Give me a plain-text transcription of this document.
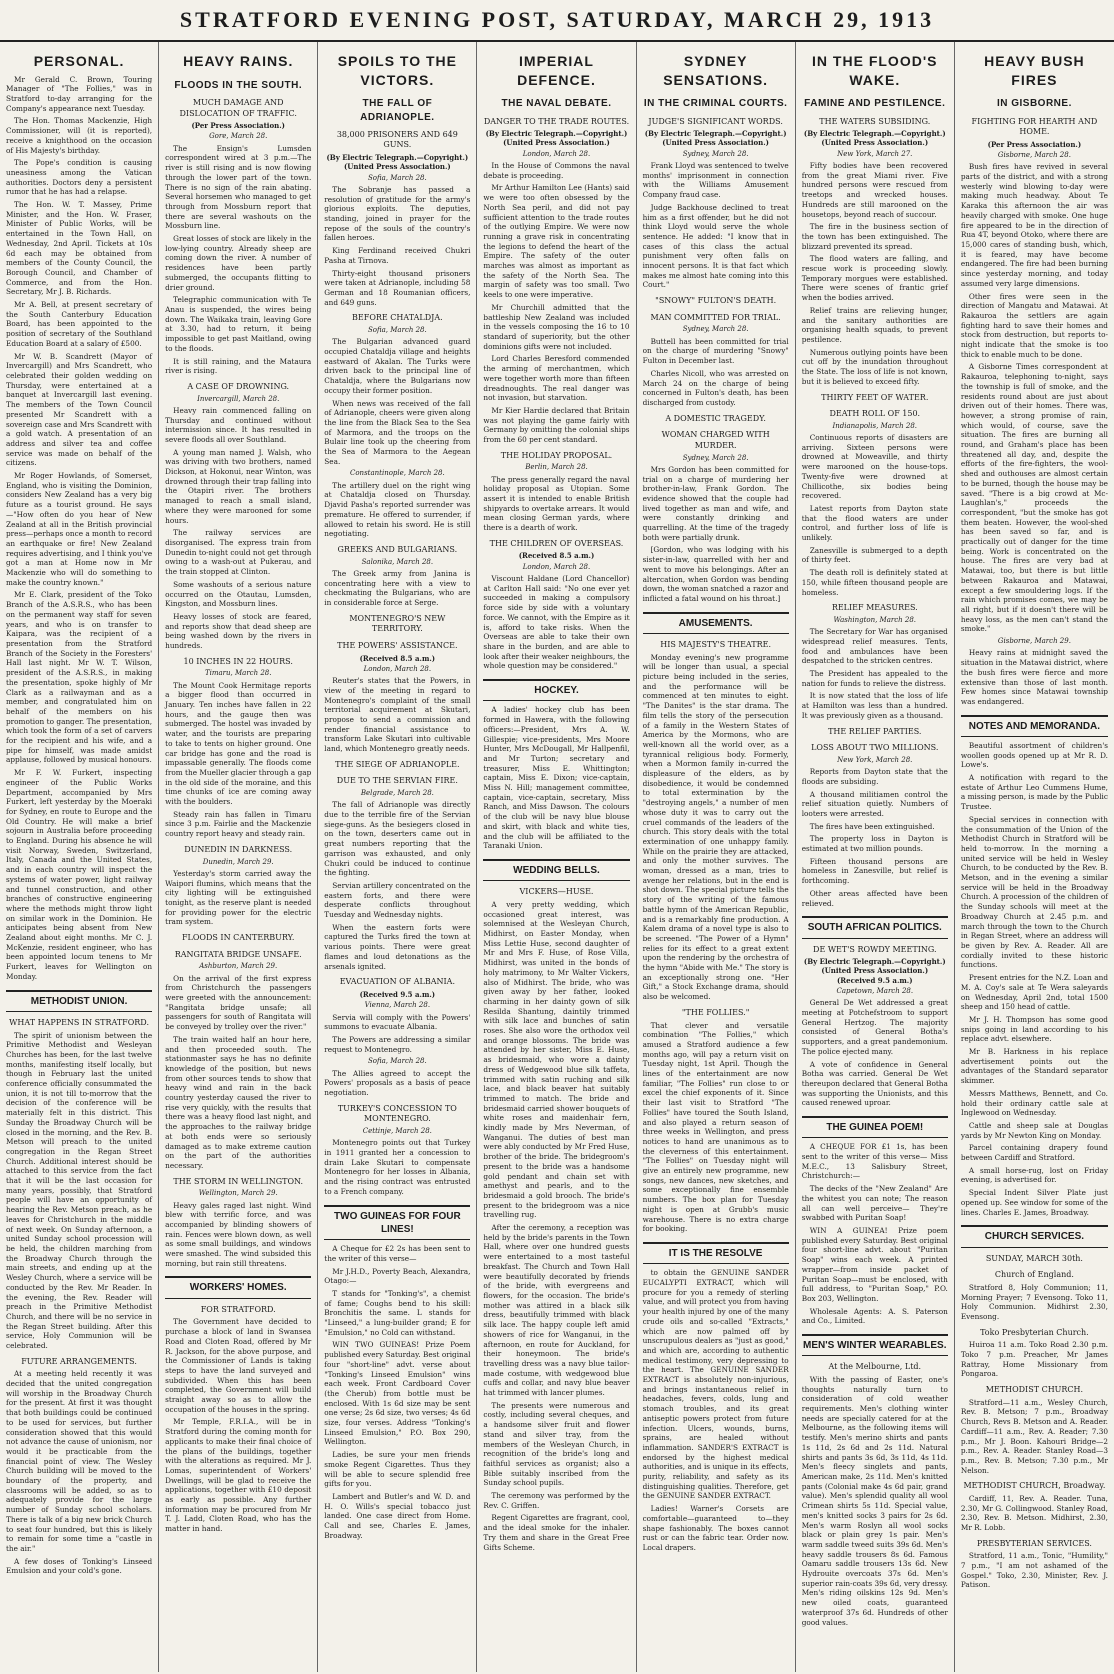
STRATFORD EVENING POST, SATURDAY, MARCH 29, 1913
PERSONAL.

Mr Gerald C. Brown, Touring Manager of "The Follies," was in Stratford to-day arranging for the Company's appearance next Tuesday.

The Hon. Thomas Mackenzie, High Commissioner, will (it is reported), receive a knighthood on the occasion of His Majesty's birthday.

The Pope's condition is causing uneasiness among the Vatican authorities. Doctors deny a persistent rumor that he has had a relapse.

The Hon. W. T. Massey, Prime Minister, and the Hon. W. Fraser, Minister of Public Works, will be entertained in the Town Hall, on Wednesday, 2nd April. Tickets at 10s 6d each may be obtained from members of the County Council, the Borough Council, and Chamber of Commerce, and from the Hon. Secretary, Mr J. B. Richards.

Mr A. Bell, at present secretary of the South Canterbury Education Board, has been appointed to the position of secretary of the Southland Education Board at a salary of £500.

Mr W. B. Scandrett (Mayor of Invercargill) and Mrs Scandrett, who celebrated their golden wedding on Thursday, were entertained at a banquet at Invercargill last evening. The members of the Town Council presented Mr Scandrett with a sovereign case and Mrs Scandrett with a gold watch. A presentation of an address and silver tea and coffee service was made on behalf of the citizens.

Mr Roger Howlands, of Somerset, England, who is visiting the Dominion, considers New Zealand has a very big future as a tourist ground. He says—"How often do you hear of New Zealand at all in the British provincial press—perhaps once a month to record an earthquake or fire! New Zealand requires advertising, and I think you've got a man at Home now in Mr Mackenzie who will do something to make the country known."

Mr E. Clark, president of the Toko Branch of the A.S.R.S., who has been on the permanent way staff for seven years, and who is on transfer to Kaipara, was the recipient of a presentation from the Stratford Branch of the Society in the Foresters' Hall last night. Mr W. T. Wilson, president of the A.S.R.S., in making the presentation, spoke highly of Mr Clark as a railwayman and as a member, and congratulated him on behalf of the members on his promotion to ganger. The presentation, which took the form of a set of carvers for the recipient and his wife, and a pipe for himself, was made amidst applause, followed by musical honours.

Mr F. W. Furkert, inspecting engineer of the Public Works Department, accompanied by Mrs Furkert, left yesterday by the Moeraki for Sydney, en route to Europe and the Old Country. He will make a brief sojourn in Australia before proceeding to England. During his absence he will visit Norway, Sweden, Switzerland, Italy, Canada and the United States, and in each country will inspect the systems of water power, light railway and tunnel construction, and other branches of constructive engineering where the methods might throw light on similar work in the Dominion. He anticipates being absent from New Zealand about eight months. Mr C. J. McKenzie, resident engineer, who has been appointed locum tenens to Mr Furkert, leaves for Wellington on Monday.

METHODIST UNION.
WHAT HAPPENS IN STRATFORD.

The spirit of unionism between the Primitive Methodist and Wesleyan Churches has been, for the last twelve months, manifesting itself locally, but though in February last the united conference officially consummated the union, it is not till to-morrow that the decision of the conference will be materially felt in this district. This Sunday the Broadway Church will be closed in the morning, and the Rev. B. Metson will preach to the united congregation in the Regan Street Church. Additional interest should be attached to this service from the fact that it will be the last occasion for many years, possibly, that Stratford people will have an opportunity of hearing the Rev. Metson preach, as he leaves for Christchurch in the middle of next week. On Sunday afternoon, a united Sunday school procession will be held, the children marching from the Broadway Church through the main streets, and ending up at the Wesley Church, where a service will be conducted by the Rev. Mr Reader. In the evening, the Rev. Reader will preach in the Primitive Methodist Church, and there will be no service in the Regan Street building. After this service, Holy Communion will be celebrated.

FUTURE ARRANGEMENTS.

At a meeting held recently it was decided that the united congregation will worship in the Broadway Church for the present. At first it was thought that both buildings could be continued to be used for services, but further consideration showed that this would not advance the cause of unionism, nor would it be practicable from the financial point of view. The Wesley Church building will be moved to the boundary of the property, and classrooms will be added, so as to adequately provide for the large number of Sunday school scholars. There is talk of a big new brick Church to seat four hundred, but this is likely to remain for some time a "castle in the air."

A few doses of Tonking's Linseed Emulsion and your cold's gone.

HEAVY RAINS.
FLOODS IN THE SOUTH.
MUCH DAMAGE AND DISLOCATION OF TRAFFIC.
(Per Press Association.)
Gore, March 28.

The Ensign's Lumsden correspondent wired at 3 p.m.—The river is still rising and is now flowing through the lower part of the town. There is no sign of the rain abating. Several horsemen who managed to get through from Mossburn report that there are several washouts on the Mossburn line.

Great losses of stock are likely in the low-lying country. Already sheep are coming down the river. A number of residences have been partly submerged, the occupants flitting to drier ground.

Telegraphic communication with Te Anau is suspended, the wires being down. The Waikaka train, leaving Gore at 3.30, had to return, it being impossible to get past Maitland, owing to the floods.

It is still raining, and the Mataura river is rising.

A CASE OF DROWNING.
Invercargill, March 28.

Heavy rain commenced falling on Thursday and continued without intermission since. It has resulted in severe floods all over Southland.

A young man named J. Walsh, who was driving with two brothers, named Dickson, at Hokonui, near Winton, was drowned through their trap falling into the Otapiri river. The brothers managed to reach a small island, where they were marooned for some hours.

The railway services are disorganised. The express train from Dunedin to-night could not get through owing to a wash-out at Pukerau, and the train stopped at Clinton.

Some washouts of a serious nature occurred on the Otautau, Lumsden, Kingston, and Mossburn lines.

Heavy losses of stock are feared, and reports show that dead sheep are being washed down by the rivers in hundreds.

10 INCHES IN 22 HOURS.
Timaru, March 28.

The Mount Cook Hermitage reports a bigger flood than occurred in January. Ten inches have fallen in 22 hours, and the gauge then was submerged. The hostel was invaded by water, and the tourists are preparing to take to tents on higher ground. One car bridge has gone and the road is impassable generally. The floods come from the Mueller glacier through a gap in the old side of the moraine, and this time chunks of ice are coming away with the boulders.

Steady rain has fallen in Timaru since 3 p.m. Fairlie and the Mackenzie country report heavy and steady rain.

DUNEDIN IN DARKNESS.
Dunedin, March 29.

Yesterday's storm carried away the Waipori flumins, which means that the city lighting will be extinguished tonight, as the reserve plant is needed for providing power for the electric tram system.

FLOODS IN CANTERBURY.
RANGITATA BRIDGE UNSAFE.
Ashburton, March 29.

On the arrival of the first express from Christchurch the passengers were greeted with the announcement: "Rangitata bridge unsafe; all passengers for south of Rangitata will be conveyed by trolley over the river."

The train waited half an hour here, and then proceeded south. The stationmaster says he has no definite knowledge of the position, but news from other sources tends to show that heavy wind and rain in the back country yesterday caused the river to rise very quickly, with the results that there was a heavy flood last night, and the approaches to the railway bridge at both ends were so seriously damaged as to make extreme caution on the part of the authorities necessary.

THE STORM IN WELLINGTON.
Wellington, March 29.

Heavy gales raged last night. Wind blew with terrific force, and was accompanied by blinding showers of rain. Fences were blown down, as well as some small buildings, and windows were smashed. The wind subsided this morning, but rain still threatens.

WORKERS' HOMES.
FOR STRATFORD.

The Government have decided to purchase a block of land in Swansea Road and Cloten Road, offered by Mr R. Jackson, for the above purpose, and the Commissioner of Lands is taking steps to have the land surveyed and subdivided. When this has been completed, the Government will build straight away so as to allow the occupation of the houses in the spring.

Mr Temple, F.R.I.A., will be in Stratford during the coming month for applicants to make their final choice of the plans of the buildings, together with the alterations as required. Mr J. Lomas, superintendent of Workers' Dwellings, will be glad to receive the applications, together with £10 deposit as early as possible. Any further information may be procured from Mr T. J. Ladd, Cloten Road, who has the matter in hand.

SPOILS TO THE VICTORS.
THE FALL OF ADRIANOPLE.
38,000 PRISONERS AND 649 GUNS.
(By Electric Telegraph.—Copyright.) (United Press Association.)
Sofia, March 28.

The Sobranje has passed a resolution of gratitude for the army's glorious exploits. The deputies, standing, joined in prayer for the repose of the souls of the country's fallen heroes.

King Ferdinand received Chukri Pasha at Tirnova.

Thirty-eight thousand prisoners were taken at Adrianople, including 58 German and 18 Roumanian officers, and 649 guns.

BEFORE CHATALDJA.
Sofia, March 28.

The Bulgarian advanced guard occupied Chataldja village and heights eastward of Akalan. The Turks were driven back to the principal line of Chataldja, where the Bulgarians now occupy their former position.

When news was received of the fall of Adrianople, cheers were given along the line from the Black Sea to the Sea of Marmora, and the troops on the Bulair line took up the cheering from the Sea of Marmora to the Aegean Sea.

Constantinople, March 28.

The artillery duel on the right wing at Chataldja closed on Thursday. Djavid Pasha's reported surrender was premature. He offered to surrender, if allowed to retain his sword. He is still negotiating.

GREEKS AND BULGARIANS.
Salonika, March 28.

The Greek army from Janina is concentrating here with a view to checkmating the Bulgarians, who are in considerable force at Serge.

MONTENEGRO'S NEW TERRITORY.
THE POWERS' ASSISTANCE.
(Received 8.5 a.m.)
London, March 28.

Reuter's states that the Powers, in view of the meeting in regard to Montenegro's complaint of the small territorial acquirement at Skutari, propose to send a commission and render financial assistance to transform Lake Skutari into cultivable land, which Montenegro greatly needs.

THE SIEGE OF ADRIANOPLE.
DUE TO THE SERVIAN FIRE.
Belgrade, March 28.

The fall of Adrianople was directly due to the terrible fire of the Servian siege-guns. As the besiegers closed in on the town, deserters came out in great numbers reporting that the garrison was exhausted, and only Chukri could be induced to continue the fighting.

Servian artillery concentrated on the eastern forts, and there were desperate conflicts throughout Tuesday and Wednesday nights.

When the eastern forts were captured the Turks fired the town at various points. There were great flames and loud detonations as the arsenals ignited.

EVACUATION OF ALBANIA.
(Received 9.5 a.m.)
Vienna, March 28.

Servia will comply with the Powers' summons to evacuate Albania.

The Powers are addressing a similar request to Montenegro.

Sofia, March 28.

The Allies agreed to accept the Powers' proposals as a basis of peace negotiation.

TURKEY'S CONCESSION TO MONTENEGRO.
Cettinje, March 28.

Montenegro points out that Turkey in 1911 granted her a concession to drain Lake Skutari to compensate Montenegro for her losses in Albania, and the rising contract was entrusted to a French company.

TWO GUINEAS FOR FOUR LINES!

A Cheque for £2 2s has been sent to the writer of this verse—

Mr J.H.D., Poverty Beach, Alexandra, Otago:—

T stands for "Tonking's", a chemist of fame; Coughs bend to his skill: Bronchitis the same. L stands for "Linseed," a lung-builder grand; E for "Emulsion," no Cold can withstand.

WIN TWO GUINEAS! Prize Poem published every Saturday. Best original four "short-line" advt. verse about "Tonking's Linseed Emulsion" wins each week. Front Cardboard Cover (the Cherub) from bottle must be enclosed. With 1s 6d size may be sent one verse; 2s 6d size, two verses; 4s 6d size, four verses. Address "Tonking's Linseed Emulsion," P.O. Box 290, Wellington.

Ladies, be sure your men friends smoke Regent Cigarettes. Thus they will be able to secure splendid free gifts for you.

Lambert and Butler's and W. D. and H. O. Wills's special tobacco just landed. One case direct from Home. Call and see, Charles E. James, Broadway.

IMPERIAL DEFENCE.
THE NAVAL DEBATE.
DANGER TO THE TRADE ROUTES.
(By Electric Telegraph.—Copyright.) (United Press Association.)
London, March 28.

In the House of Commons the naval debate is proceeding.

Mr Arthur Hamilton Lee (Hants) said we were too often obsessed by the North Sea peril, and did not pay sufficient attention to the trade routes of the outlying Empire. We were now running a grave risk in concentrating the legions to defend the heart of the Empire. The safety of the outer marches was almost as important as the safety of the North Sea. The margin of safety was too small. Two keels to one were imperative.

Mr Churchill admitted that the battleship New Zealand was included in the vessels composing the 16 to 10 standard of superiority, but the other dominions gifts were not included.

Lord Charles Beresford commended the arming of merchantmen, which were together worth more than fifteen dreadnoughts. The real danger was not invasion, but starvation.

Mr Kier Hardie declared that Britain was not playing the game fairly with Germany by omitting the colonial ships from the 60 per cent standard.

THE HOLIDAY PROPOSAL.
Berlin, March 28.

The press generally regard the naval holiday proposal as Utopian. Some assert it is intended to enable British shipyards to overtake arrears. It would mean closing German yards, where there is a dearth of work.

THE CHILDREN OF OVERSEAS.
(Received 8.5 a.m.)
London, March 28.

Viscount Haldane (Lord Chancellor) at Carlton Hall said: "No one ever yet succeeded in making a compulsory force side by side with a voluntary force. We cannot, with the Empire as it is, afford to take risks. When the Overseas are able to take their own share in the burden, and are able to look after their weaker neighbours, the whole question may be considered."

HOCKEY.

A ladies' hockey club has been formed in Hawera, with the following officers:—President, Mrs A. W. Gillespie; vice-presidents, Mrs Moore Hunter, Mrs McDougall, Mr Hallpenfil, and Mr Turton; secretary and treasurer, Miss E. Whittington; captain, Miss E. Dixon; vice-captain, Miss N. Hill; management committee, captain, vice-captain, secretary, Miss Ranch, and Miss Dawson. The colours of the club will be navy blue blouse and skirt, with black and white ties, and the club will be affiliated to the Taranaki Union.

WEDDING BELLS.
VICKERS—HUSE.

A very pretty wedding, which occasioned great interest, was solemnised at the Wesleyan Church, Midhirst, on Easter Monday, when Miss Lettie Huse, second daughter of Mr and Mrs F. Huse, of Rose Villa, Midhirst, was united in the bonds of holy matrimony, to Mr Walter Vickers, also of Midhirst. The bride, who was given away by her father, looked charming in her dainty gown of silk Resilda Shantung, daintily trimmed with silk lace and bunches of satin roses. She also wore the orthodox veil and orange blossoms. The bride was attended by her sister, Miss E. Huse, as bridesmaid, who wore a dainty dress of Wedgewood blue silk taffeta, trimmed with satin ruching and silk lace, and black beaver hat suitably trimmed to match. The bride and bridesmaid carried shower bouquets of white roses and maidenhair fern, kindly made by Mrs Neverman, of Wanganui. The duties of best man were ably conducted by Mr Fred Huse, brother of the bride. The bridegroom's present to the bride was a handsome gold pendant and chain set with amethyst and pearls, and to the bridesmaid a gold brooch. The bride's present to the bridegroom was a nice travelling rug.

After the ceremony, a reception was held by the bride's parents in the Town Hall, where over one hundred guests were entertained to a most tasteful breakfast. The Church and Town Hall were beautifully decorated by friends of the bride, with evergreens and flowers, for the occasion. The bride's mother was attired in a black silk dress, beautifully trimmed with black silk lace. The happy couple left amid showers of rice for Wanganui, in the afternoon, en route for Auckland, for their honeymoon. The bride's travelling dress was a navy blue tailor-made costume, with wedgewood blue cuffs and collar, and navy blue beaver hat trimmed with lancer plumes.

The presents were numerous and costly, including several cheques, and a handsome silver fruit and flower stand and silver tray, from the members of the Wesleyan Church, in recognition of the bride's long and faithful services as organist; also a Bible suitably inscribed from the Sunday school pupils.

The ceremony was performed by the Rev. C. Griffen.

Regent Cigarettes are fragrant, cool, and the ideal smoke for the inhaler. Try them and share in the Great Free Gifts Scheme.

SYDNEY SENSATIONS.
IN THE CRIMINAL COURTS.
JUDGE'S SIGNIFICANT WORDS.
(By Electric Telegraph.—Copyright.) (United Press Association.)
Sydney, March 28.

Frank Lloyd was sentenced to twelve months' imprisonment in connection with the Williams Amusement Company fraud case.

Judge Backhouse declined to treat him as a first offender, but he did not think Lloyd would serve the whole sentence. He added: "I know that in cases of this class the actual punishment very often falls on innocent persons. It is that fact which makes me almost hate coming into this Court."

"SNOWY" FULTON'S DEATH.
MAN COMMITTED FOR TRIAL.
Sydney, March 28.

Buttell has been committed for trial on the charge of murdering "Snowy" Fulton in December last.

Charles Nicoll, who was arrested on March 24 on the charge of being concerned in Fulton's death, has been discharged from custody.

A DOMESTIC TRAGEDY.
WOMAN CHARGED WITH MURDER.
Sydney, March 28.

Mrs Gordon has been committed for trial on a charge of murdering her brother-in-law, Frank Gordon. The evidence showed that the couple had lived together as man and wife, and were constantly drinking and quarrelling. At the time of the tragedy both were partially drunk.

[Gordon, who was lodging with his sister-in-law, quarrelled with her and went to move his belongings. After an altercation, when Gordon was bending down, the woman snatched a razor and inflicted a fatal wound on his throat.]

AMUSEMENTS.
HIS MAJESTY'S THEATRE.

Monday evening's new programme will be longer than usual, a special picture being included in the series, and the performance will be commenced at ten minutes to eight. "The Danites" is the star drama. The film tells the story of the persecution of a family in the Western States of America by the Mormons, who are well-known all the world over, as a tyrannical religious body. Formerly, when a Mormon family in-curred the displeasure of the elders, as by disobedience, it would be condemned to total extermination by the "destroying angels," a number of men whose duty it was to carry out the cruel commands of the leaders of the church. This story deals with the total extermination of one unhappy family. While on the prairie they are attacked, and only the mother survives. The woman, dressed as a man, tries to avenge her relations, but in the end is shot down. The special picture tells the story of the writing of the famous battle hymn of the American Republic, and is a remarkably fine production. A Kalem drama of a novel type is also to be screened. "The Power of a Hymn" relies for its effect to a great extent upon the rendering by the orchestra of the hymn "Abide with Me." The story is an exceptionally strong one. "Her Gift," a Stock Exchange drama, should also be welcomed.

"THE FOLLIES."

That clever and versatile combination "The Follies," which amused a Stratford audience a few months ago, will pay a return visit on Tuesday night, 1st April. Though the lines of the entertainment are now familiar, "The Follies" run close to or excel the chief exponents of it. Since their last visit to Stratford "The Follies" have toured the South Island, and also played a return season of three weeks in Wellington, and press notices to hand are unanimous as to the cleverness of this entertainment. "The Follies" on Tuesday night will give an entirely new programme, new songs, new dances, new sketches, and some exceptionally fine ensemble numbers. The box plan for Tuesday night is open at Grubb's music warehouse. There is no extra charge for booking.

IT IS THE RESOLVE

to obtain the GENUINE SANDER EUCALYPTI EXTRACT, which will procure for you a remedy of sterling value, and will protect you from having your health injured by one of the many crude oils and so-called "Extracts," which are now palmed off by unscrupulous dealers as "just as good," and which are, according to authentic medical testimony, very depressing to the heart. The GENUINE SANDER EXTRACT is absolutely non-injurious, and brings instantaneous relief in headaches, fevers, colds, lung and stomach troubles, and its great antiseptic powers protect from future infection. Ulcers, wounds, burns, sprains, are healed without inflammation. SANDER'S EXTRACT is endorsed by the highest medical authorities, and is unique in its effects, purity, reliability, and safety as its distinguishing qualities. Therefore, get the GENUINE SANDER EXTRACT.

Ladies! Warner's Corsets are comfortable—guaranteed to—they shape fashionably. The boxes cannot rust or can the fabric tear. Order now. Local drapers.

IN THE FLOOD'S WAKE.
FAMINE AND PESTILENCE.
THE WATERS SUBSIDING.
(By Electric Telegraph.—Copyright.) (United Press Association.)
New York, March 27.

Fifty bodies have been recovered from the great Miami river. Five hundred persons were rescued from treetops and wrecked houses. Hundreds are still marooned on the housetops, beyond reach of succour.

The fire in the business section of the town has been extinguished. The blizzard prevented its spread.

The flood waters are falling, and rescue work is proceeding slowly. Temporary morgues were established. There were scenes of frantic grief when the bodies arrived.

Relief trains are relieving hunger, and the sanitary authorities are organising health squads, to prevent pestilence.

Numerous outlying points have been cut off by the inundation throughout the State. The loss of life is not known, but it is believed to exceed fifty.

THIRTY FEET OF WATER.
DEATH ROLL OF 150.
Indianapolis, March 28.

Continuous reports of disasters are arriving. Sixteen persons were drowned at Moweaville, and thirty were marooned on the house-tops. Twenty-five were drowned at Chillicothe, six bodies being recovered.

Latest reports from Dayton state that the flood waters are under control, and further loss of life is unlikely.

Zanesville is submerged to a depth of thirty feet.

The death roll is definitely stated at 150, while fifteen thousand people are homeless.

RELIEF MEASURES.
Washington, March 28.

The Secretary for War has organised widespread relief measures. Tents, food and ambulances have been despatched to the stricken centres.

The President has appealed to the nation for funds to relieve the distress.

It is now stated that the loss of life at Hamilton was less than a hundred. It was previously given as a thousand.

THE RELIEF PARTIES.
LOSS ABOUT TWO MILLIONS.
New York, March 28.

Reports from Dayton state that the floods are subsiding.

A thousand militiamen control the relief situation quietly. Numbers of looters were arrested.

The fires have been extinguished.

The property loss in Dayton is estimated at two million pounds.

Fifteen thousand persons are homeless in Zanesville, but relief is forthcoming.

Other areas affected have been relieved.

SOUTH AFRICAN POLITICS.
DE WET'S ROWDY MEETING.
(By Electric Telegraph.—Copyright.) (United Press Association.) (Received 9.5 a.m.)
Capetown, March 28.

General De Wet addressed a great meeting at Potchefstroom to support General Hertzog. The majority consisted of General Botha's supporters, and a great pandemonium. The police ejected many.

A vote of confidence in General Botha was carried. General De Wet thereupon declared that General Botha was supporting the Unionists, and this caused renewed uproar.

THE GUINEA POEM!

A CHEQUE FOR £1 1s, has been sent to the writer of this verse— Miss M.E.C., 13 Salisbury Street, Christchurch:—

The decks of the "New Zealand" Are the whitest you can note; The reason all can well perceive— They're swabbed with Puritan Soap!

WIN A GUINEA! Prize poem published every Saturday. Best original four short-line advt. about "Puritan Soap" wins each week. A printed wrapper—from inside packet of Puritan Soap—must be enclosed, with full address, to "Puritan Soap," P.O. Box 203, Wellington.

Wholesale Agents: A. S. Paterson and Co., Limited.

MEN'S WINTER WEARABLES.
At the Melbourne, Ltd.

With the passing of Easter, one's thoughts naturally turn to consideration of cold weather requirements. Men's clothing winter needs are specially catered for at the Melbourne, as the following items will testify. Men's merino shirts and pants 1s 11d, 2s 6d and 2s 11d. Natural shirts and pants 3s 6d, 3s 11d, 4s 11d. Men's fleecy singlets and pants, American make, 2s 11d. Men's knitted pants (Colonial make 4s 6d pair, grand value). Men's splendid quality all wool Crimean shirts 5s 11d. Special value, men's knitted socks 3 pairs for 2s 6d. Men's warm Roslyn all wool socks black or plain grey 1s pair. Men's warm saddle tweed suits 39s 6d. Men's heavy saddle trousers 8s 6d. Famous Oamaru saddle trousers 13s 6d. New Hydrouite overcoats 37s 6d. Men's superior rain-coats 39s 6d, very dressy. Men's riding oilskins 12s 9d. Men's new oiled coats, guaranteed waterproof 37s 6d. Hundreds of other good values.

HEAVY BUSH FIRES
IN GISBORNE.
FIGHTING FOR HEARTH AND HOME.
(Per Press Association.)
Gisborne, March 28.

Bush fires have revived in several parts of the district, and with a strong westerly wind blowing to-day were making much headway. About Te Karaka this afternoon the air was heavily charged with smoke. One huge fire appeared to be in the direction of Rua 4T, beyond Otoko, where there are 15,000 cares of standing bush, which, it is feared, may have become endangered. The fire had been burning since yesterday morning, and today assumed very large dimensions.

Other fires were seen in the direction of Mangatu and Matawai. At Rakauroa the settlers are again fighting hard to save their homes and stock from destruction, but reports to-night indicate that the smoke is too thick to enable much to be done.

A Gisborne Times correspondent at Rakauroa, telephoning to-night, says the township is full of smoke, and the residents round about are just about driven out of their homes. There was, however, a strong promise of rain, which would, of course, save the situation. The fires are burning all round, and Graham's place has been threatened all day, and, despite the efforts of the fire-fighters, the wool-shed and outhouses are almost certain to be burned, though the house may be saved. "There is a big crowd at Mc-Laughlan's," proceeds the correspondent, "but the smoke has got them beaten. However, the wool-shed has been saved so far, and is practically out of danger for the time being. Work is concentrated on the house. The fires are very bad at Matawai, too, but there is but little between Rakauroa and Matawai, except a few smouldering logs. If the rain which promises comes, we may be all right, but if it doesn't there will be heavy loss, as the men can't stand the smoke."

Gisborne, March 29.

Heavy rains at midnight saved the situation in the Matawai district, where the bush fires were fierce and more extensive than those of last month. Few homes since Matawai township was endangered.

NOTES AND MEMORANDA.

Beautiful assortment of children's woollen goods opened up at Mr R. D. Lowe's.

A notification with regard to the estate of Arthur Leo Cummens Hume, a missing person, is made by the Public Trustee.

Special services in connection with the consummation of the Union of the Methodist Church in Stratford will be held to-morrow. In the morning a united service will be held in Wesley Church, to be conducted by the Rev. B. Metson, and in the evening a similar service will be held in the Broadway Church. A procession of the children of the Sunday schools will meet at the Broadway Church at 2.45 p.m. and march through the town to the Church in Regan Street, where an address will be given by Rev. A. Reader. All are cordially invited to these historic functions.

Present entries for the N.Z. Loan and M. A. Coy's sale at Te Wera saleyards on Wednesday, April 2nd, total 1500 sheep and 150 head of cattle.

Mr J. H. Thompson has some good snips going in land according to his replace advt. elsewhere.

Mr B. Harkness in his replace advertisement points out the advantages of the Standard separator skimmer.

Messrs Matthews, Bennett, and Co. hold their ordinary cattle sale at Inglewood on Wednesday.

Cattle and sheep sale at Douglas yards by Mr Newton King on Monday.

Parcel containing drapery found between Cardiff and Stratford.

A small horse-rug, lost on Friday evening, is advertised for.

Special Indent Silver Plate just opened up. See window for some of the lines. Charles E. James, Broadway.

CHURCH SERVICES.
SUNDAY, MARCH 30th.
Church of England.

Stratford 8, Holy Communion; 11, Morning Prayer; 7 Evensong. Toko 11, Holy Communion. Midhirst 2.30, Evensong.

Toko Presbyterian Church.

Huiroa 11 a.m. Toko Road 2.30 p.m. Toko 7 p.m. Preacher, Mr James Rattray, Home Missionary from Pongaroa.

METHODIST CHURCH.

Stratford—11 a.m., Wesley Church, Rev. B. Metson; 7 p.m., Broadway Church, Revs B. Metson and A. Reader. Cardiff—11 a.m., Rev. A. Reader; 7.30 p.m., Mr J. Boon. Kahouri Bridge—2 p.m., Rev. A. Reader. Stanley Road—3 p.m., Rev. B. Metson; 7.30 p.m., Mr Nelson.

METHODIST CHURCH, Broadway.

Cardiff, 11, Rev. A. Reader. Tuna, 2.30, Mr G. Collingwood. Stanley Road, 2.30, Rev. B. Metson. Midhirst, 2.30, Mr R. Lobb.

PRESBYTERIAN SERVICES.

Stratford, 11 a.m., Tonic, "Humility," 7 p.m., "I am not ashamed of the Gospel." Toko, 2.30, Minister, Rev. J. Patison.
